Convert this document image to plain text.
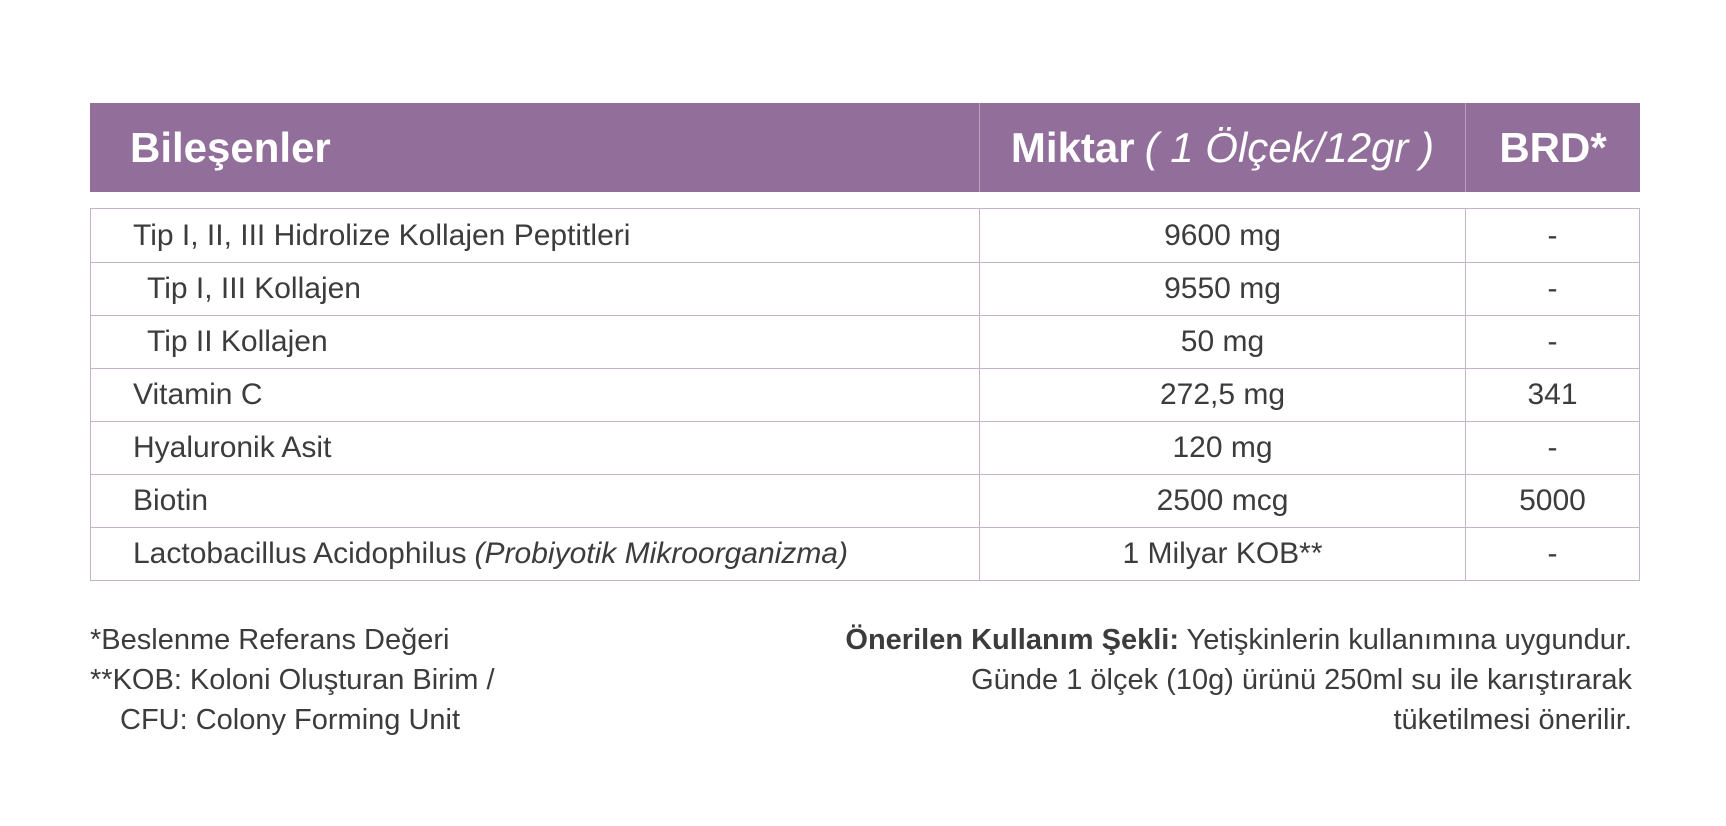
Bileşenler	Miktar ( 1 Ölçek/12gr )	BRD*
Tip I, II, III Hidrolize Kollajen Peptitleri	9600 mg	-
Tip I, III Kollajen	9550 mg	-
Tip II Kollajen	50 mg	-
Vitamin C	272,5 mg	341
Hyaluronik Asit	120 mg	-
Biotin	2500 mcg	5000
Lactobacillus Acidophilus (Probiyotik Mikroorganizma)	1 Milyar KOB**	-
*Beslenme Referans Değeri
**KOB: Koloni Oluşturan Birim /
CFU: Colony Forming Unit
Önerilen Kullanım Şekli: Yetişkinlerin kullanımına uygundur.
Günde 1 ölçek (10g) ürünü 250ml su ile karıştırarak
tüketilmesi önerilir.
